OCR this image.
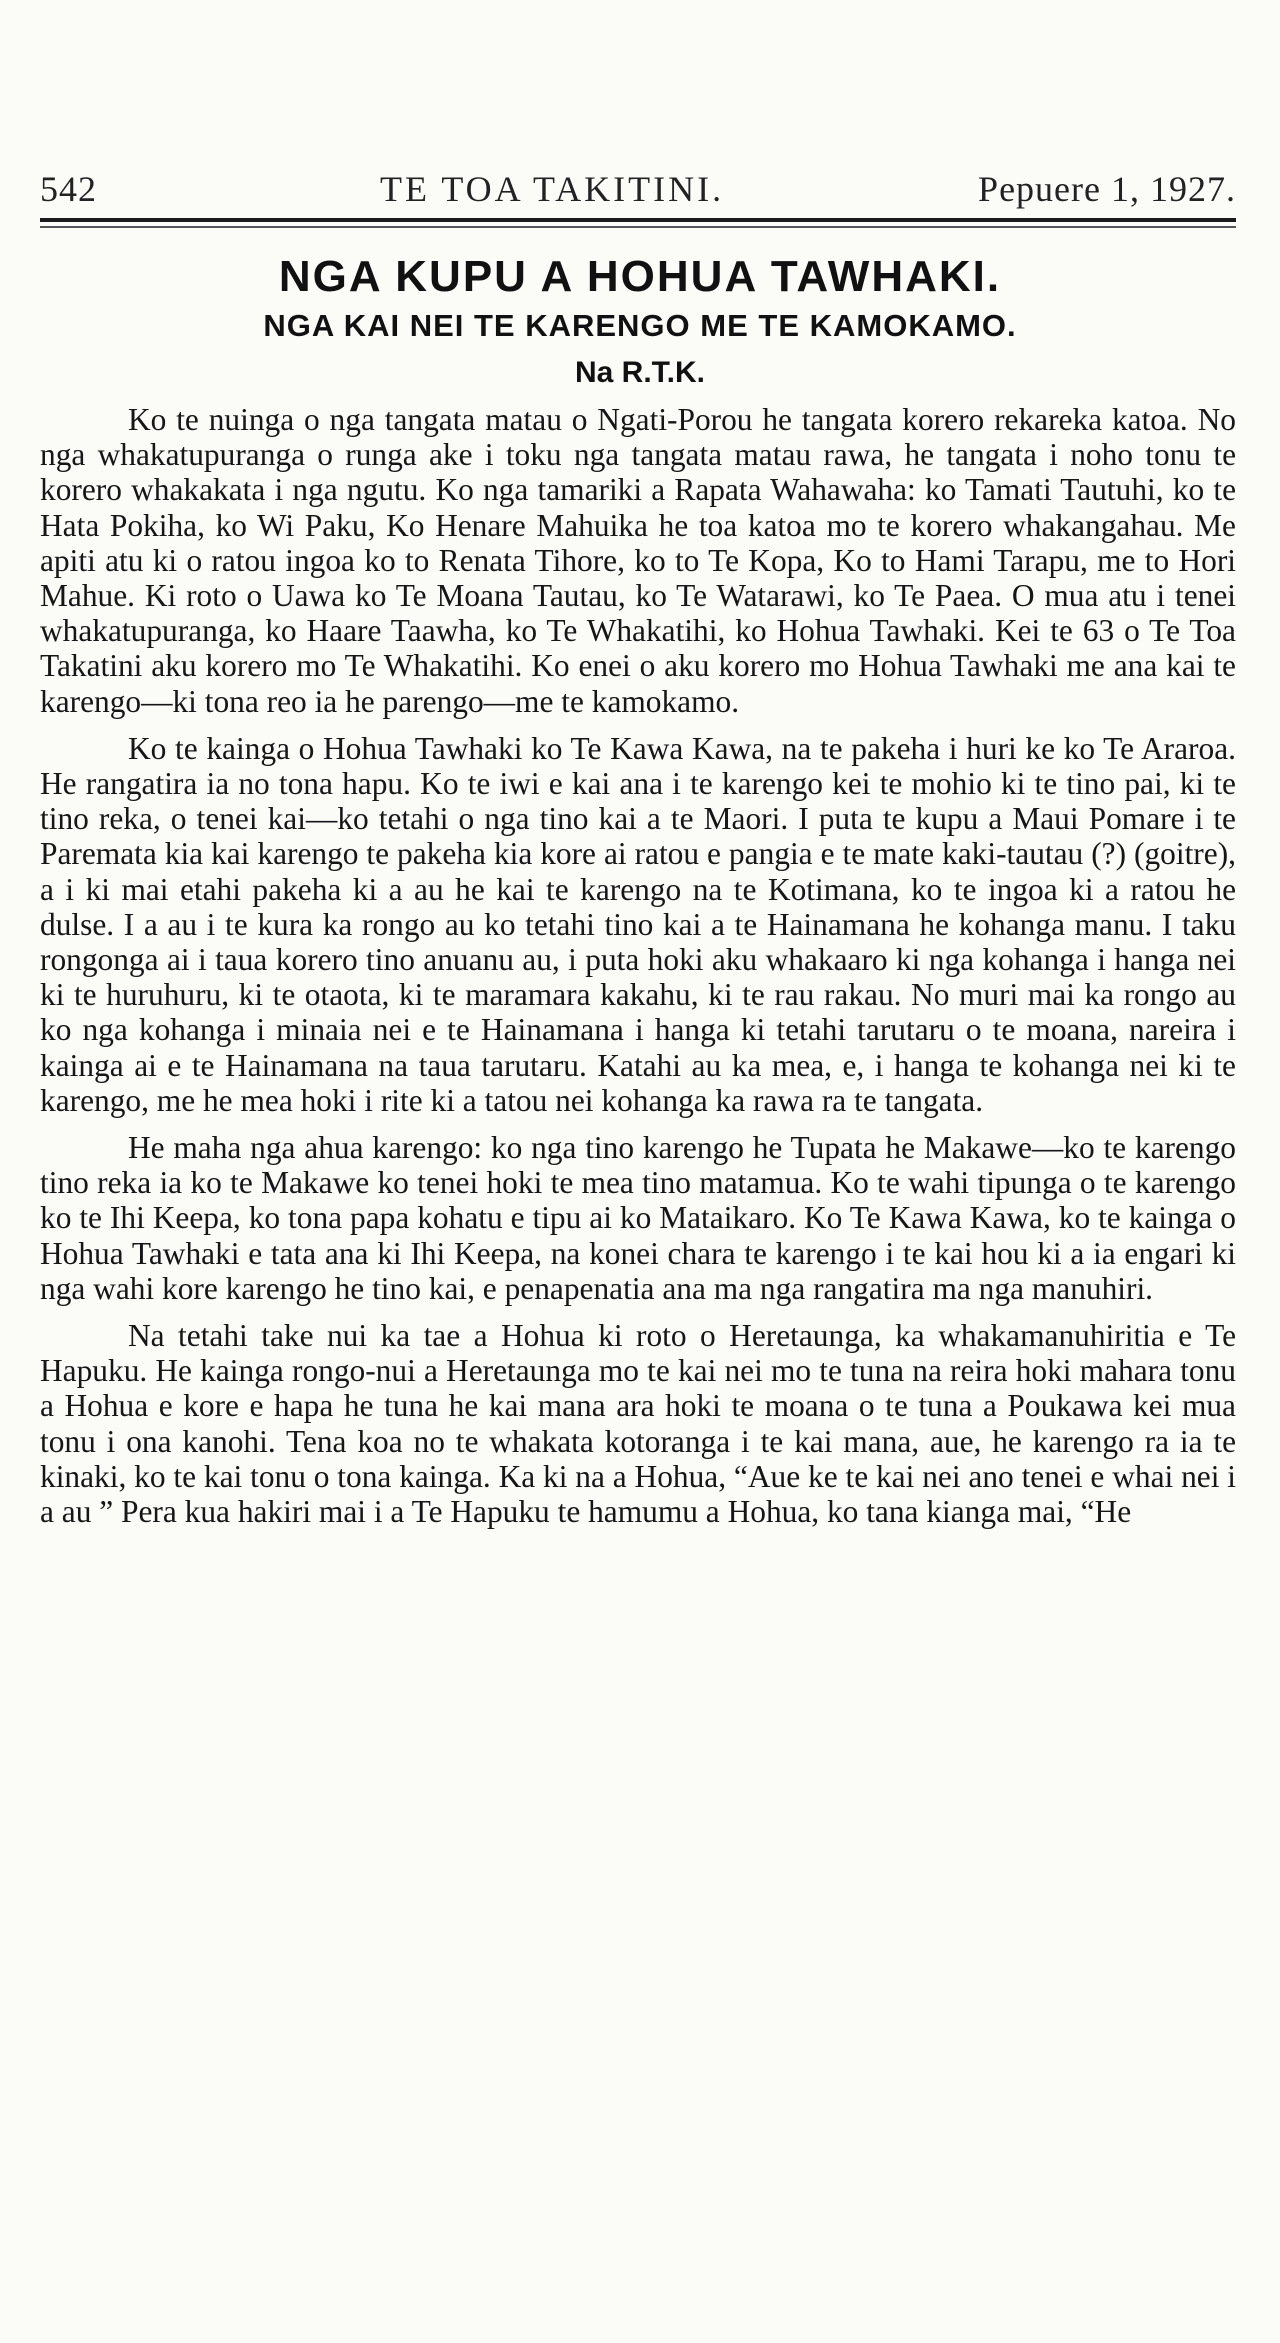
542	TE TOA TAKITINI.	Pepuere 1, 1927.
NGA KUPU A HOHUA TAWHAKI.
NGA KAI NEI TE KARENGO ME TE KAMOKAMO.
Na R.T.K.

Ko te nuinga o nga tangata matau o Ngati-Porou he tangata korero rekareka katoa. No nga whakatupuranga o runga ake i toku nga tangata matau rawa, he tangata i noho tonu te korero whakakata i nga ngutu. Ko nga tamariki a Rapata Wahawaha: ko Tamati Tautuhi, ko te Hata Pokiha, ko Wi Paku, Ko Henare Mahuika he toa katoa mo te korero whakangahau. Me apiti atu ki o ratou ingoa ko to Renata Tihore, ko to Te Kopa, Ko to Hami Tarapu, me to Hori Mahue. Ki roto o Uawa ko Te Moana Tautau, ko Te Watarawi, ko Te Paea. O mua atu i tenei whakatupuranga, ko Haare Taawha, ko Te Whakatihi, ko Hohua Tawhaki. Kei te 63 o Te Toa Takatini aku korero mo Te Whakatihi. Ko enei o aku korero mo Hohua Tawhaki me ana kai te karengo—ki tona reo ia he parengo—me te kamokamo.

Ko te kainga o Hohua Tawhaki ko Te Kawa Kawa, na te pakeha i huri ke ko Te Araroa. He rangatira ia no tona hapu. Ko te iwi e kai ana i te karengo kei te mohio ki te tino pai, ki te tino reka, o tenei kai—ko tetahi o nga tino kai a te Maori. I puta te kupu a Maui Pomare i te Paremata kia kai karengo te pakeha kia kore ai ratou e pangia e te mate kaki-tautau (?) (goitre), a i ki mai etahi pakeha ki a au he kai te karengo na te Kotimana, ko te ingoa ki a ratou he dulse. I a au i te kura ka rongo au ko tetahi tino kai a te Hainamana he kohanga manu. I taku rongonga ai i taua korero tino anuanu au, i puta hoki aku whakaaro ki nga kohanga i hanga nei ki te huruhuru, ki te otaota, ki te maramara kakahu, ki te rau rakau. No muri mai ka rongo au ko nga kohanga i minaia nei e te Hainamana i hanga ki tetahi tarutaru o te moana, nareira i kainga ai e te Hainamana na taua tarutaru. Katahi au ka mea, e, i hanga te kohanga nei ki te karengo, me he mea hoki i rite ki a tatou nei kohanga ka rawa ra te tangata.

He maha nga ahua karengo: ko nga tino karengo he Tupata he Makawe—ko te karengo tino reka ia ko te Makawe ko tenei hoki te mea tino matamua. Ko te wahi tipunga o te karengo ko te Ihi Keepa, ko tona papa kohatu e tipu ai ko Mataikaro. Ko Te Kawa Kawa, ko te kainga o Hohua Tawhaki e tata ana ki Ihi Keepa, na konei chara te karengo i te kai hou ki a ia engari ki nga wahi kore karengo he tino kai, e penapenatia ana ma nga rangatira ma nga manuhiri.

Na tetahi take nui ka tae a Hohua ki roto o Heretaunga, ka whakamanuhiritia e Te Hapuku. He kainga rongo-nui a Heretaunga mo te kai nei mo te tuna na reira hoki mahara tonu a Hohua e kore e hapa he tuna he kai mana ara hoki te moana o te tuna a Poukawa kei mua tonu i ona kanohi. Tena koa no te whakata kotoranga i te kai mana, aue, he karengo ra ia te kinaki, ko te kai tonu o tona kainga. Ka ki na a Hohua, “Aue ke te kai nei ano tenei e whai nei i a au ” Pera kua hakiri mai i a Te Hapuku te hamumu a Hohua, ko tana kianga mai, “He
